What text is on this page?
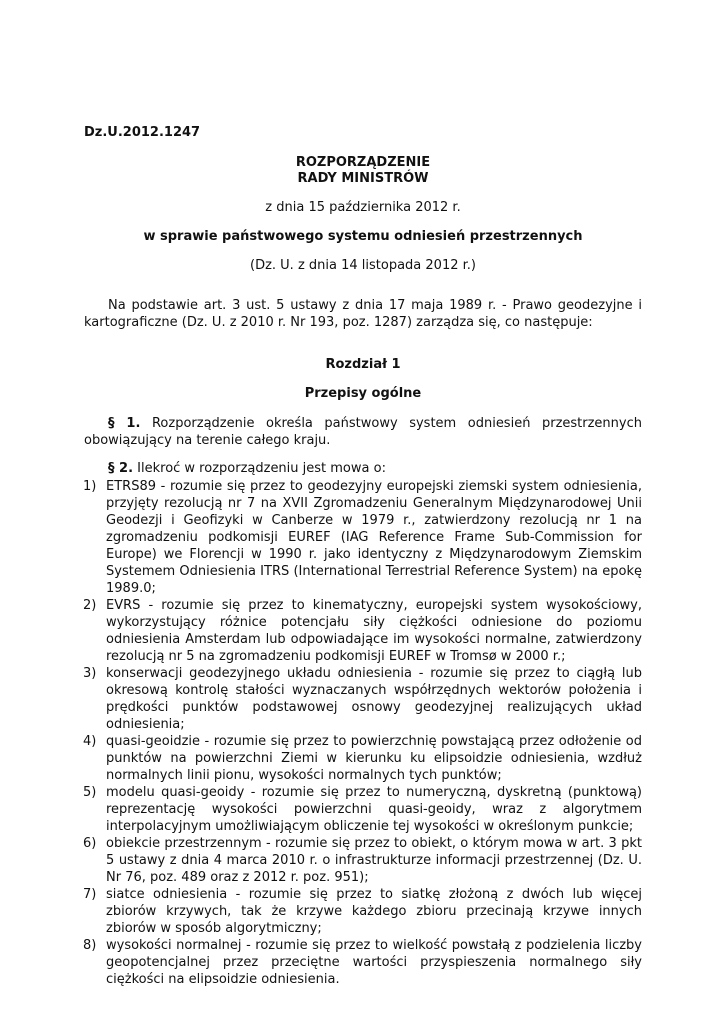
Dz.U.2012.1247

ROZPORZĄDZENIE

RADY MINISTRÓW

z dnia 15 października 2012 r.

w sprawie państwowego systemu odniesień przestrzennych

(Dz. U. z dnia 14 listopada 2012 r.)

Na podstawie art. 3 ust. 5 ustawy z dnia 17 maja 1989 r. - Prawo geodezyjne i kartograficzne (Dz. U. z 2010 r. Nr 193, poz. 1287) zarządza się, co następuje:

Rozdział 1

Przepisy ogólne

§ 1. Rozporządzenie określa państwowy system odniesień przestrzennych obowiązujący na terenie całego kraju.

§ 2. Ilekroć w rozporządzeniu jest mowa o:

1) ETRS89 - rozumie się przez to geodezyjny europejski ziemski system odniesienia, przyjęty rezolucją nr 7 na XVII Zgromadzeniu Generalnym Międzynarodowej Unii Geodezji i Geofizyki w Canberze w 1979 r., zatwierdzony rezolucją nr 1 na zgromadzeniu podkomisji EUREF (IAG Reference Frame Sub-Commission for Europe) we Florencji w 1990 r. jako identyczny z Międzynarodowym Ziemskim Systemem Odniesienia ITRS (International Terrestrial Reference System) na epokę 1989.0;
2) EVRS - rozumie się przez to kinematyczny, europejski system wysokościowy, wykorzystujący różnice potencjału siły ciężkości odniesione do poziomu odniesienia Amsterdam lub odpowiadające im wysokości normalne, zatwierdzony rezolucją nr 5 na zgromadzeniu podkomisji EUREF w Tromsø w 2000 r.;
3) konserwacji geodezyjnego układu odniesienia - rozumie się przez to ciągłą lub okresową kontrolę stałości wyznaczanych współrzędnych wektorów położenia i prędkości punktów podstawowej osnowy geodezyjnej realizujących układ odniesienia;
4) quasi-geoidzie - rozumie się przez to powierzchnię powstającą przez odłożenie od punktów na powierzchni Ziemi w kierunku ku elipsoidzie odniesienia, wzdłuż normalnych linii pionu, wysokości normalnych tych punktów;
5) modelu quasi-geoidy - rozumie się przez to numeryczną, dyskretną (punktową) reprezentację wysokości powierzchni quasi-geoidy, wraz z algorytmem interpolacyjnym umożliwiającym obliczenie tej wysokości w określonym punkcie;
6) obiekcie przestrzennym - rozumie się przez to obiekt, o którym mowa w art. 3 pkt 5 ustawy z dnia 4 marca 2010 r. o infrastrukturze informacji przestrzennej (Dz. U. Nr 76, poz. 489 oraz z 2012 r. poz. 951);
7) siatce odniesienia - rozumie się przez to siatkę złożoną z dwóch lub więcej zbiorów krzywych, tak że krzywe każdego zbioru przecinają krzywe innych zbiorów w sposób algorytmiczny;
8) wysokości normalnej - rozumie się przez to wielkość powstałą z podzielenia liczby geopotencjalnej przez przeciętne wartości przyspieszenia normalnego siły ciężkości na elipsoidzie odniesienia.
